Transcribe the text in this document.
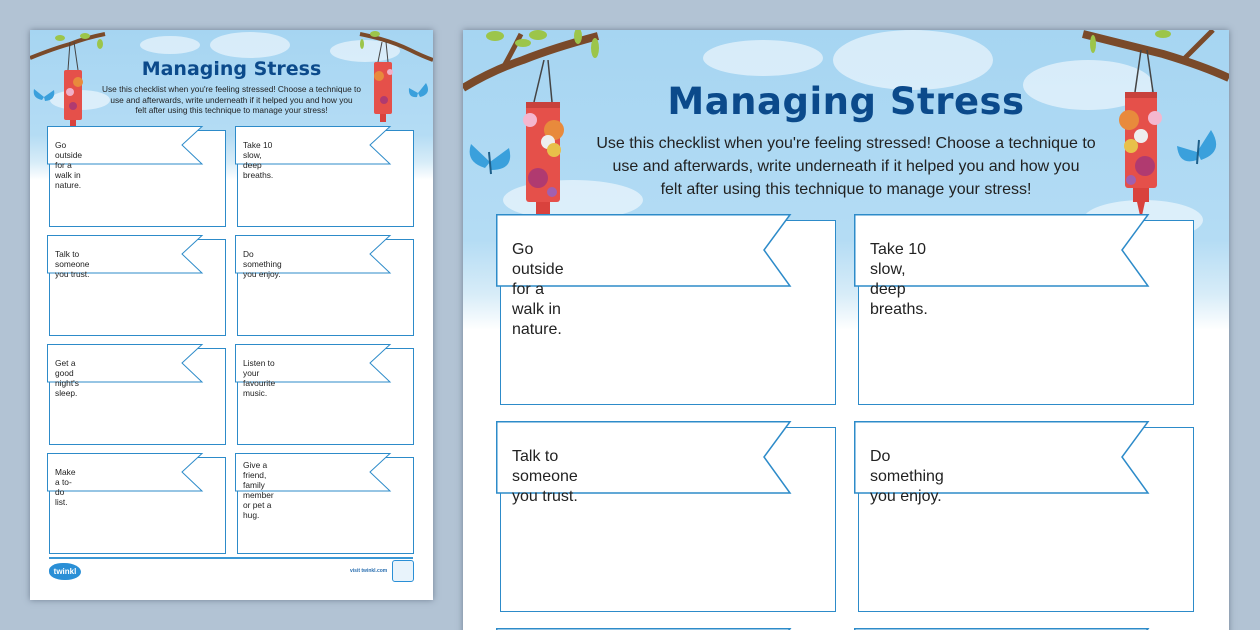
Managing Stress
Use this checklist when you're feeling stressed! Choose a technique to
use and afterwards, write underneath if it helped you and how you
felt after using this technique to manage your stress!
Go outside for a walk in nature.
Take 10 slow, deep breaths.
Talk to someone you trust.
Do something you enjoy.
Get a good night's sleep.
Listen to your favourite music.
Make a to-do list.
Give a friend, family member
or pet a hug.
twinkl	visit twinkl.com
Managing Stress
Use this checklist when you're feeling stressed! Choose a technique to
use and afterwards, write underneath if it helped you and how you
felt after using this technique to manage your stress!
Go outside for a walk in nature.
Take 10 slow, deep breaths.
Talk to someone you trust.
Do something you enjoy.
